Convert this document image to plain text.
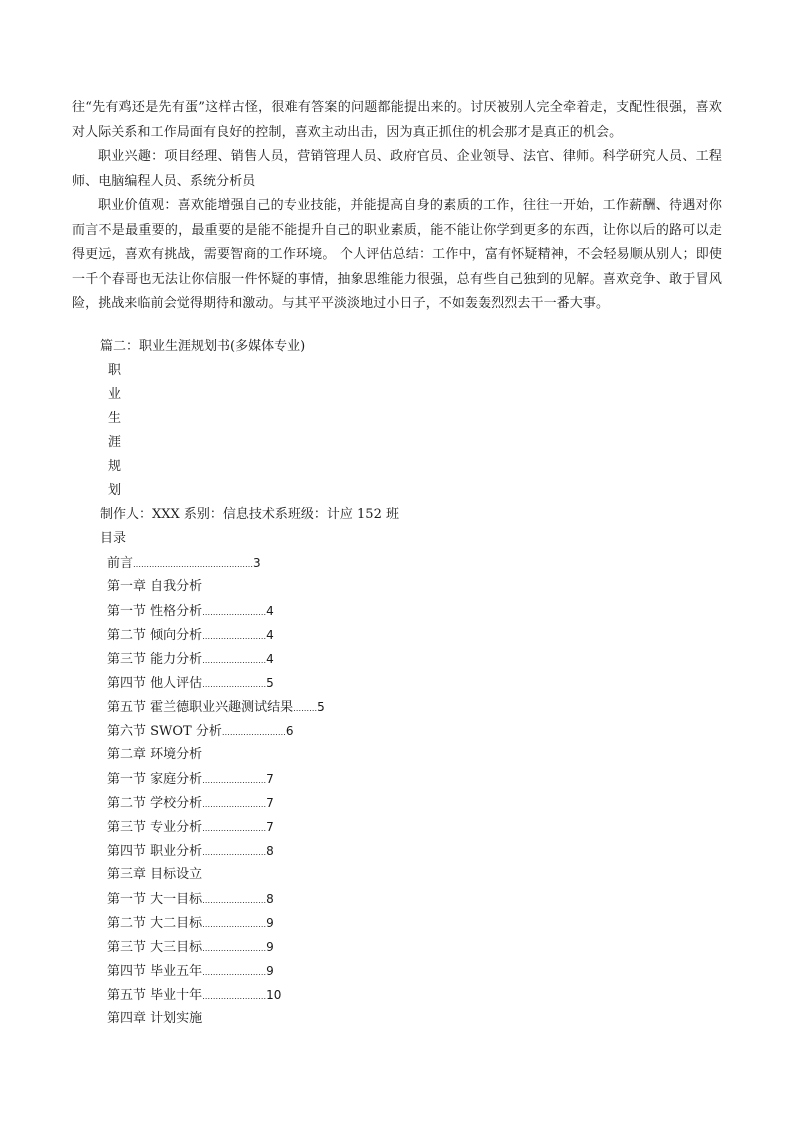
往“先有鸡还是先有蛋”这样古怪，很难有答案的问题都能提出来的。讨厌被别人完全牵着走，支配性很强，喜欢对人际关系和工作局面有良好的控制，喜欢主动出击，因为真正抓住的机会那才是真正的机会。

职业兴趣：项目经理、销售人员，营销管理人员、政府官员、企业领导、法官、律师。科学研究人员、工程师、电脑编程人员、系统分析员

职业价值观：喜欢能增强自己的专业技能，并能提高自身的素质的工作，往往一开始，工作薪酬、待遇对你而言不是最重要的，最重要的是能不能提升自己的职业素质，能不能让你学到更多的东西，让你以后的路可以走得更远，喜欢有挑战，需要智商的工作环境。 个人评估总结：工作中，富有怀疑精神，不会轻易顺从别人；即使一千个春哥也无法让你信服一件怀疑的事情，抽象思维能力很强，总有些自己独到的见解。喜欢竞争、敢于冒风险，挑战来临前会觉得期待和激动。与其平平淡淡地过小日子，不如轰轰烈烈去干一番大事。

篇二：职业生涯规划书(多媒体专业)
职
业
生
涯
规
划
制作人：XXX 系别：信息技术系班级：计应 152 班
目录
前言………………………………………3
第一章 自我分析
第一节 性格分析……………………4
第二节 倾向分析……………………4
第三节 能力分析……………………4
第四节 他人评估……………………5
第五节 霍兰德职业兴趣测试结果………5
第六节 SWOT 分析……………………6
第二章 环境分析
第一节 家庭分析……………………7
第二节 学校分析……………………7
第三节 专业分析……………………7
第四节 职业分析……………………8
第三章 目标设立
第一节 大一目标……………………8
第二节 大二目标……………………9
第三节 大三目标……………………9
第四节 毕业五年……………………9
第五节 毕业十年……………………10
第四章 计划实施
